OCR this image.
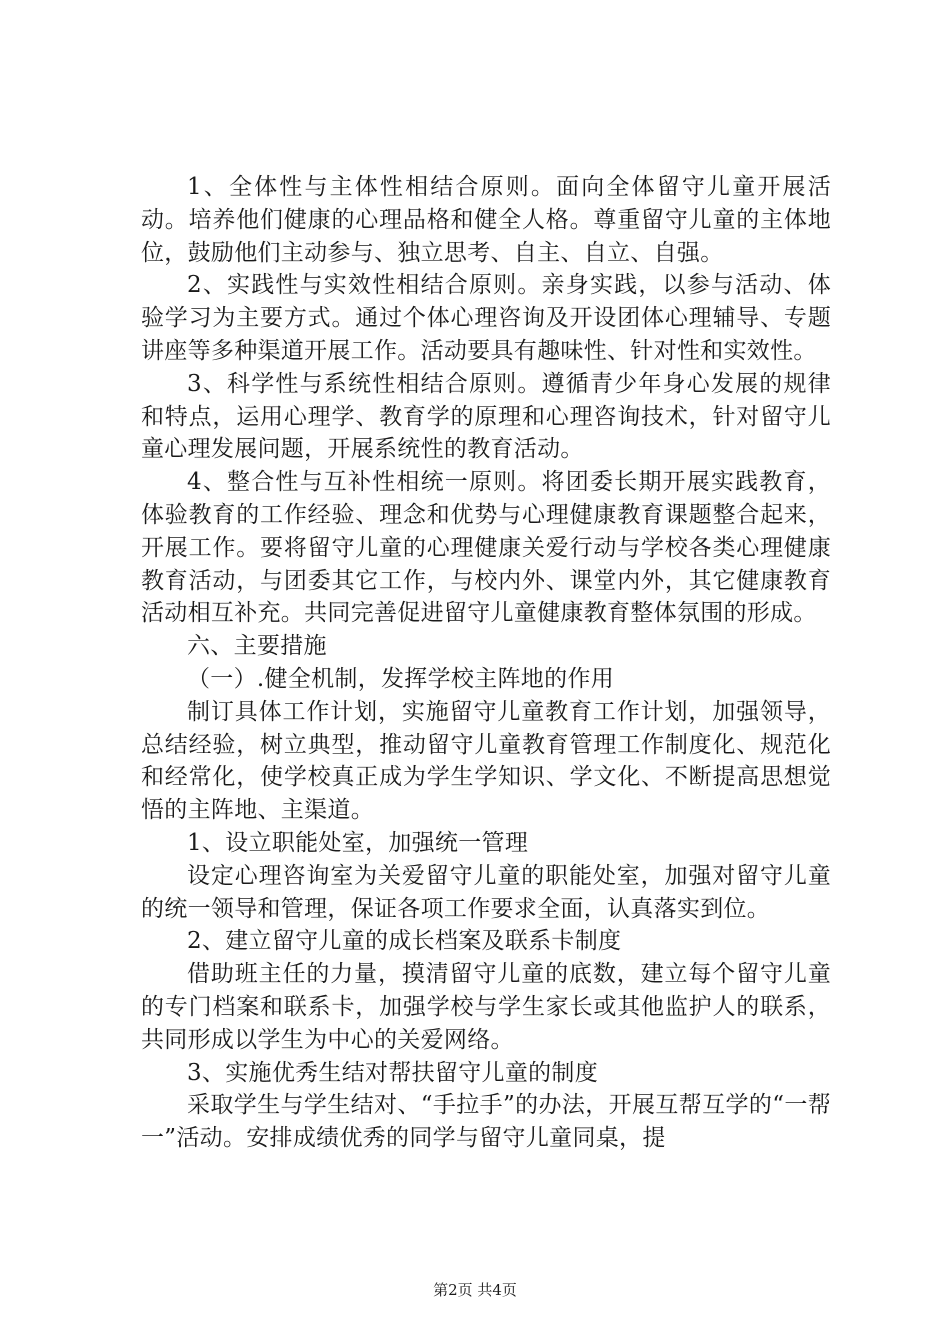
1、全体性与主体性相结合原则。面向全体留守儿童开展活动。培养他们健康的心理品格和健全人格。尊重留守儿童的主体地位，鼓励他们主动参与、独立思考、自主、自立、自强。

2、实践性与实效性相结合原则。亲身实践，以参与活动、体验学习为主要方式。通过个体心理咨询及开设团体心理辅导、专题讲座等多种渠道开展工作。活动要具有趣味性、针对性和实效性。

3、科学性与系统性相结合原则。遵循青少年身心发展的规律和特点，运用心理学、教育学的原理和心理咨询技术，针对留守儿童心理发展问题，开展系统性的教育活动。

4、整合性与互补性相统一原则。将团委长期开展实践教育，体验教育的工作经验、理念和优势与心理健康教育课题整合起来，开展工作。要将留守儿童的心理健康关爱行动与学校各类心理健康教育活动，与团委其它工作，与校内外、课堂内外，其它健康教育活动相互补充。共同完善促进留守儿童健康教育整体氛围的形成。

六、主要措施

（一）.健全机制，发挥学校主阵地的作用

制订具体工作计划，实施留守儿童教育工作计划，加强领导，总结经验，树立典型，推动留守儿童教育管理工作制度化、规范化和经常化，使学校真正成为学生学知识、学文化、不断提高思想觉悟的主阵地、主渠道。

1、设立职能处室，加强统一管理

设定心理咨询室为关爱留守儿童的职能处室，加强对留守儿童的统一领导和管理，保证各项工作要求全面，认真落实到位。

2、建立留守儿童的成长档案及联系卡制度

借助班主任的力量，摸清留守儿童的底数，建立每个留守儿童的专门档案和联系卡，加强学校与学生家长或其他监护人的联系，共同形成以学生为中心的关爱网络。

3、实施优秀生结对帮扶留守儿童的制度

采取学生与学生结对、“手拉手”的办法，开展互帮互学的“一帮一”活动。安排成绩优秀的同学与留守儿童同桌，提

第2页 共4页
